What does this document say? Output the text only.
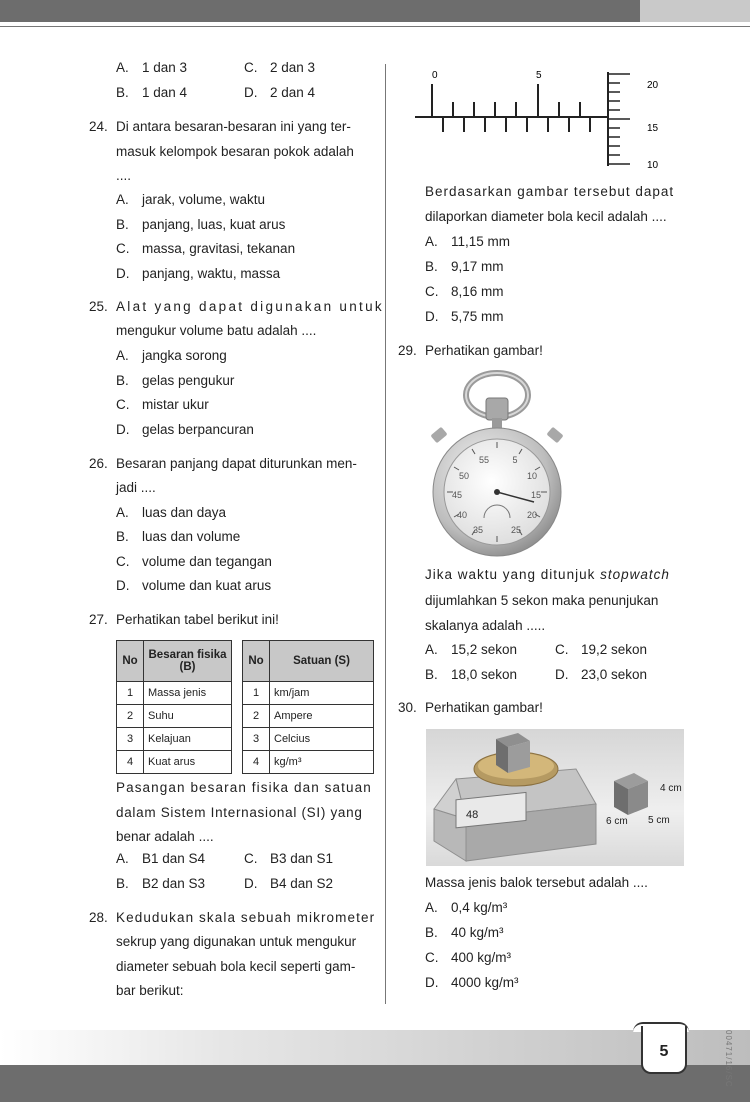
A. 1 dan 3	C. 2 dan 3
B. 1 dan 4	D. 2 dan 4
24. Di antara besaran-besaran ini yang ter-
masuk kelompok besaran pokok adalah
....
A. jarak, volume, waktu
B. panjang, luas, kuat arus
C. massa, gravitasi, tekanan
D. panjang, waktu, massa
25. Alat yang dapat digunakan untuk
mengukur volume batu adalah ....
A. jangka sorong
B. gelas pengukur
C. mistar ukur
D. gelas berpancuran
26. Besaran panjang dapat diturunkan men-
jadi ....
A. luas dan daya
B. luas dan volume
C. volume dan tegangan
D. volume dan kuat arus
27. Perhatikan tabel berikut ini!
No	Besaran fisika (B)
1	Massa jenis
2	Suhu
3	Kelajuan
4	Kuat arus
No	Satuan (S)
1	km/jam
2	Ampere
3	Celcius
4	kg/m³
Pasangan besaran fisika dan satuan
dalam Sistem Internasional (SI) yang
benar adalah ....
A. B1 dan S4	C. B3 dan S1
B. B2 dan S3	D. B4 dan S2
28. Kedudukan skala sebuah mikrometer
sekrup yang digunakan untuk mengukur
diameter sebuah bola kecil seperti gam-
bar berikut:
0	5
20
15
10
Berdasarkan gambar tersebut dapat
dilaporkan diameter bola kecil adalah ....
A. 11,15 mm
B. 9,17 mm
C. 8,16 mm
D. 5,75 mm
29. Perhatikan gambar!
55	5
50	10
45	15
40	20
35	25
Jika waktu yang ditunjuk stopwatch
dijumlahkan 5 sekon maka penunjukan
skalanya adalah .....
A. 15,2 sekon	C. 19,2 sekon
B. 18,0 sekon	D. 23,0 sekon
30. Perhatikan gambar!
48
4 cm
6 cm 5 cm
Massa jenis balok tersebut adalah ....
A. 0,4 kg/m³
B. 40 kg/m³
C. 400 kg/m³
D. 4000 kg/m³
5	00471/16/SC
